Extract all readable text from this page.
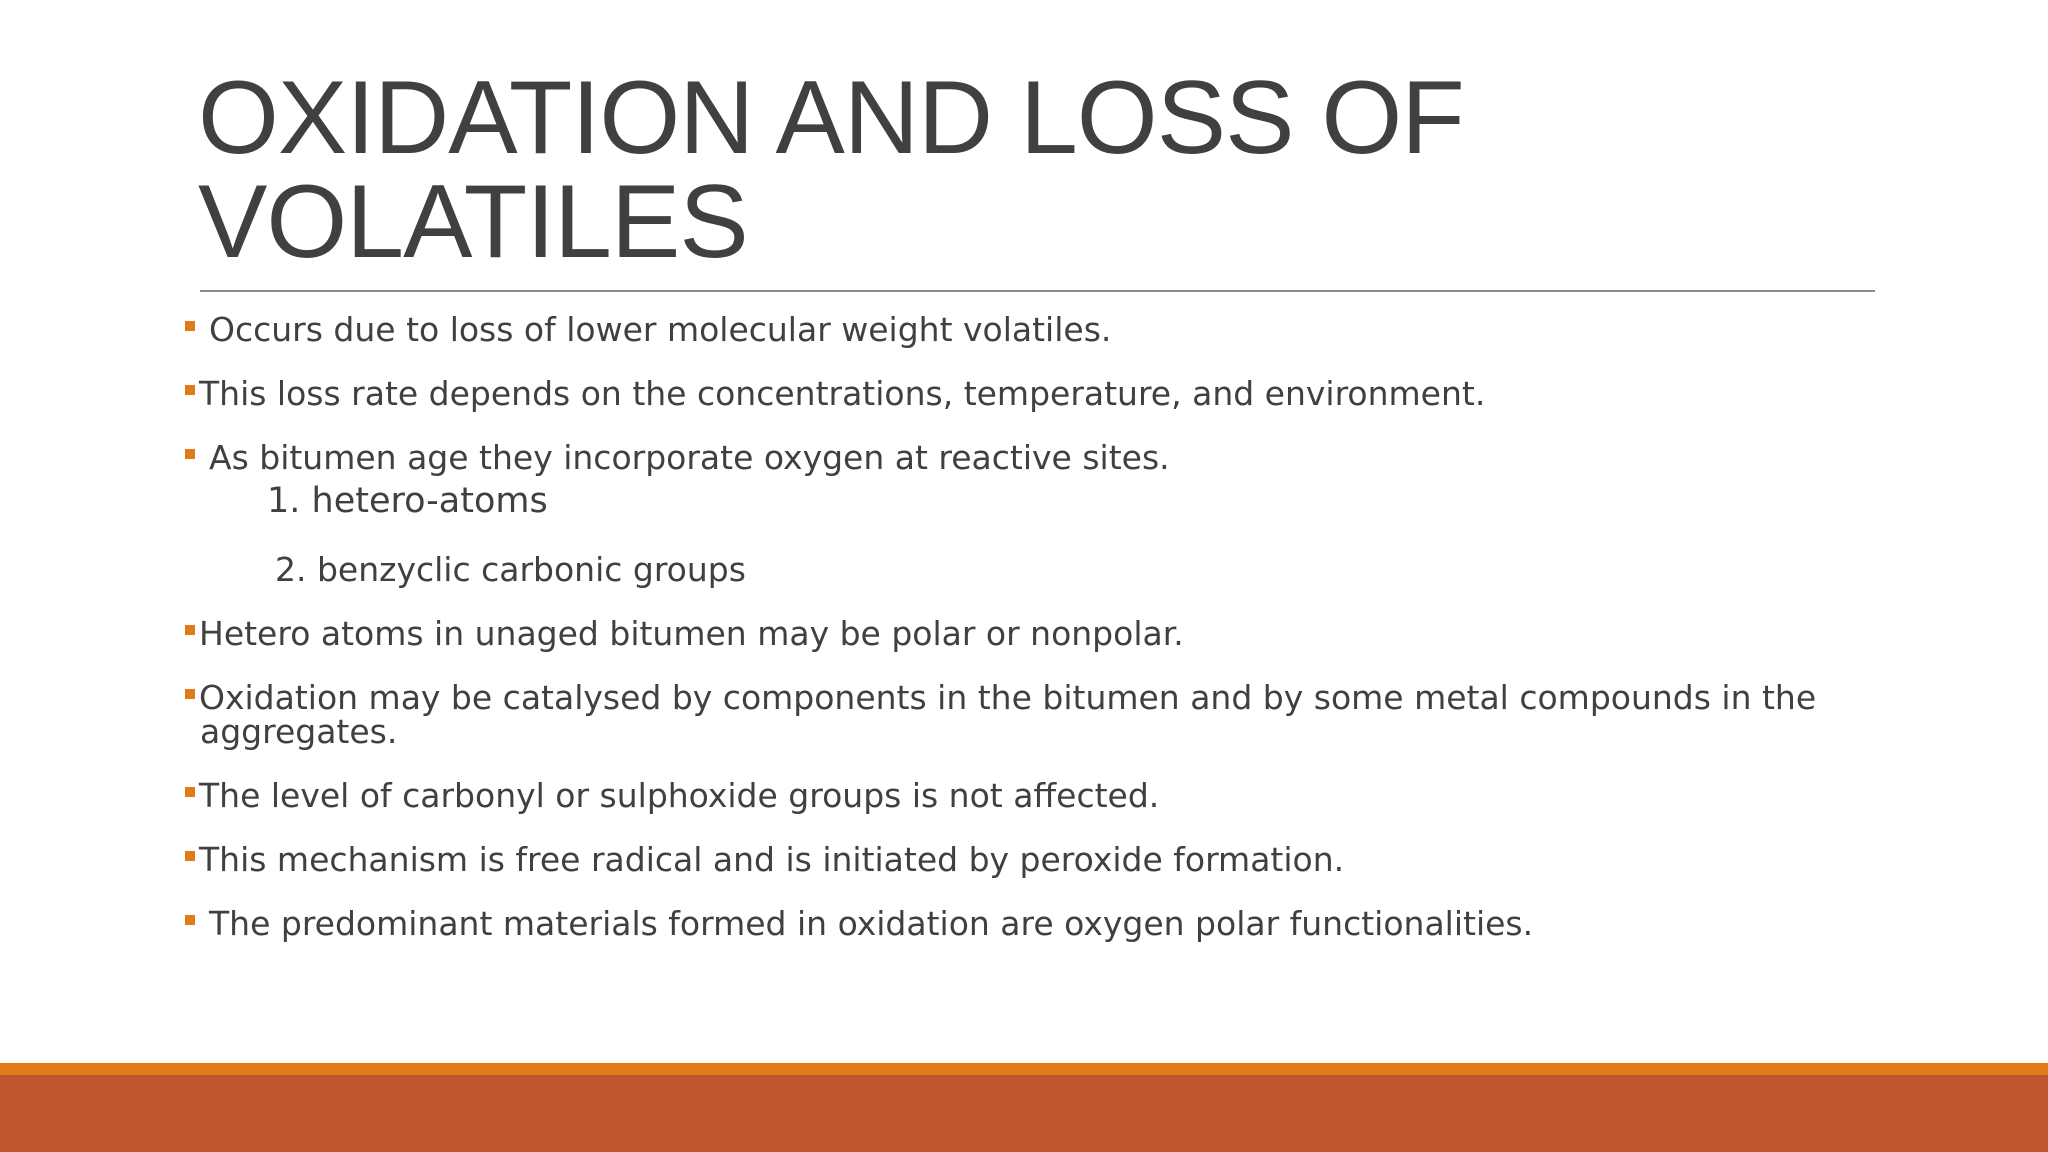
OXIDATION AND LOSS OF
VOLATILES
Occurs due to loss of lower molecular weight volatiles.
This loss rate depends on the concentrations, temperature, and environment.
As bitumen age they incorporate oxygen at reactive sites.
1. hetero-atoms
2. benzyclic carbonic groups
Hetero atoms in unaged bitumen may be polar or nonpolar.
Oxidation may be catalysed by components in the bitumen and by some metal compounds in the
aggregates.
The level of carbonyl or sulphoxide groups is not affected.
This mechanism is free radical and is initiated by peroxide formation.
The predominant materials formed in oxidation are oxygen polar functionalities.
